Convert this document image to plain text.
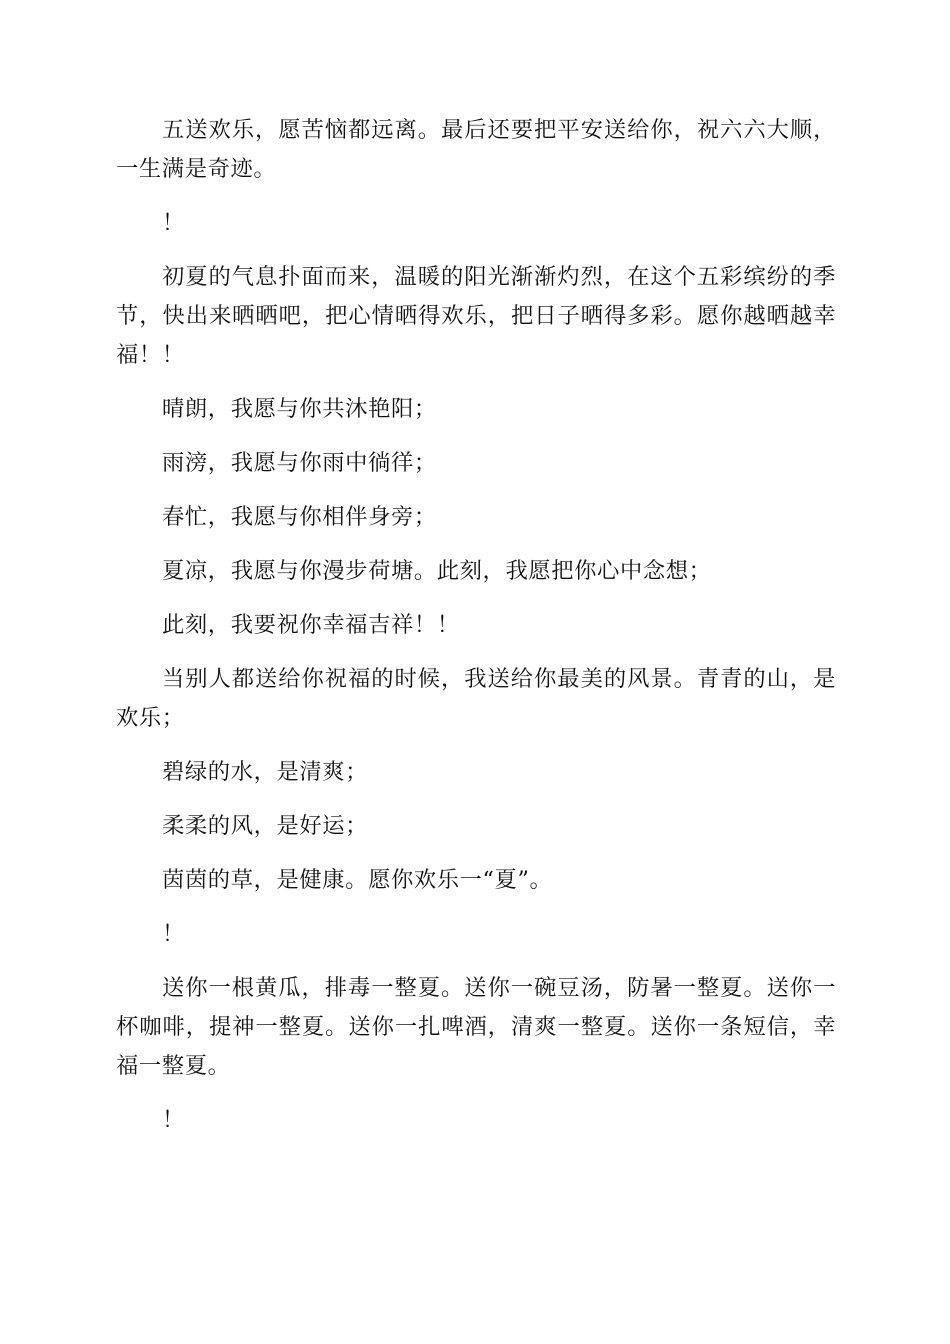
五送欢乐，愿苦恼都远离。最后还要把平安送给你，祝六六大顺，一生满是奇迹。

！

初夏的气息扑面而来，温暖的阳光渐渐灼烈，在这个五彩缤纷的季节，快出来晒晒吧，把心情晒得欢乐，把日子晒得多彩。愿你越晒越幸福！！

晴朗，我愿与你共沐艳阳；

雨滂，我愿与你雨中徜徉；

春忙，我愿与你相伴身旁；

夏凉，我愿与你漫步荷塘。此刻，我愿把你心中念想；

此刻，我要祝你幸福吉祥！！

当别人都送给你祝福的时候，我送给你最美的风景。青青的山，是欢乐；

碧绿的水，是清爽；

柔柔的风，是好运；

茵茵的草，是健康。愿你欢乐一“夏”。

！

送你一根黄瓜，排毒一整夏。送你一碗豆汤，防暑一整夏。送你一杯咖啡，提神一整夏。送你一扎啤酒，清爽一整夏。送你一条短信，幸福一整夏。

！
